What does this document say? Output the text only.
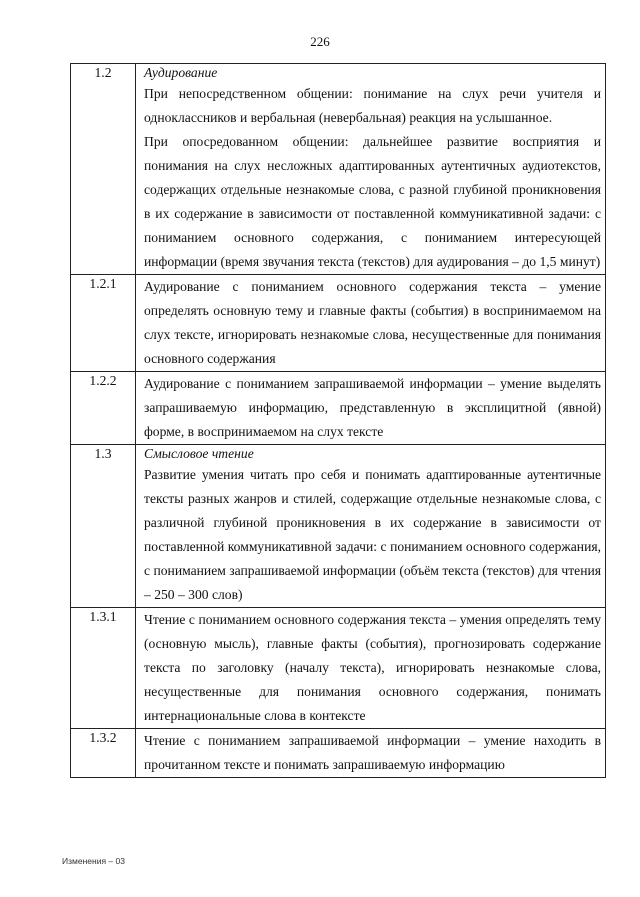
226
1.2	Аудирование
При непосредственном общении: понимание на слух речи учителя и одноклассников и вербальная (невербальная) реакция на услышанное.
При опосредованном общении: дальнейшее развитие восприятия и понимания на слух несложных адаптированных аутентичных аудиотекстов, содержащих отдельные незнакомые слова, с разной глубиной проникновения в их содержание в зависимости от поставленной коммуникативной задачи: с пониманием основного содержания, с пониманием интересующей информации (время звучания текста (текстов) для аудирования – до 1,5 минут)

1.2.1	Аудирование с пониманием основного содержания текста – умение определять основную тему и главные факты (события) в воспринимаемом на слух тексте, игнорировать незнакомые слова, несущественные для понимания основного содержания

1.2.2	Аудирование с пониманием запрашиваемой информации – умение выделять запрашиваемую информацию, представленную в эксплицитной (явной) форме, в воспринимаемом на слух тексте

1.3	Смысловое чтение
Развитие умения читать про себя и понимать адаптированные аутентичные тексты разных жанров и стилей, содержащие отдельные незнакомые слова, с различной глубиной проникновения в их содержание в зависимости от поставленной коммуникативной задачи: с пониманием основного содержания, с пониманием запрашиваемой информации (объём текста (текстов) для чтения – 250 – 300 слов)

1.3.1	Чтение с пониманием основного содержания текста – умения определять тему (основную мысль), главные факты (события), прогнозировать содержание текста по заголовку (началу текста), игнорировать незнакомые слова, несущественные для понимания основного содержания, понимать интернациональные слова в контексте

1.3.2	Чтение с пониманием запрашиваемой информации – умение находить в прочитанном тексте и понимать запрашиваемую информацию
Изменения – 03
